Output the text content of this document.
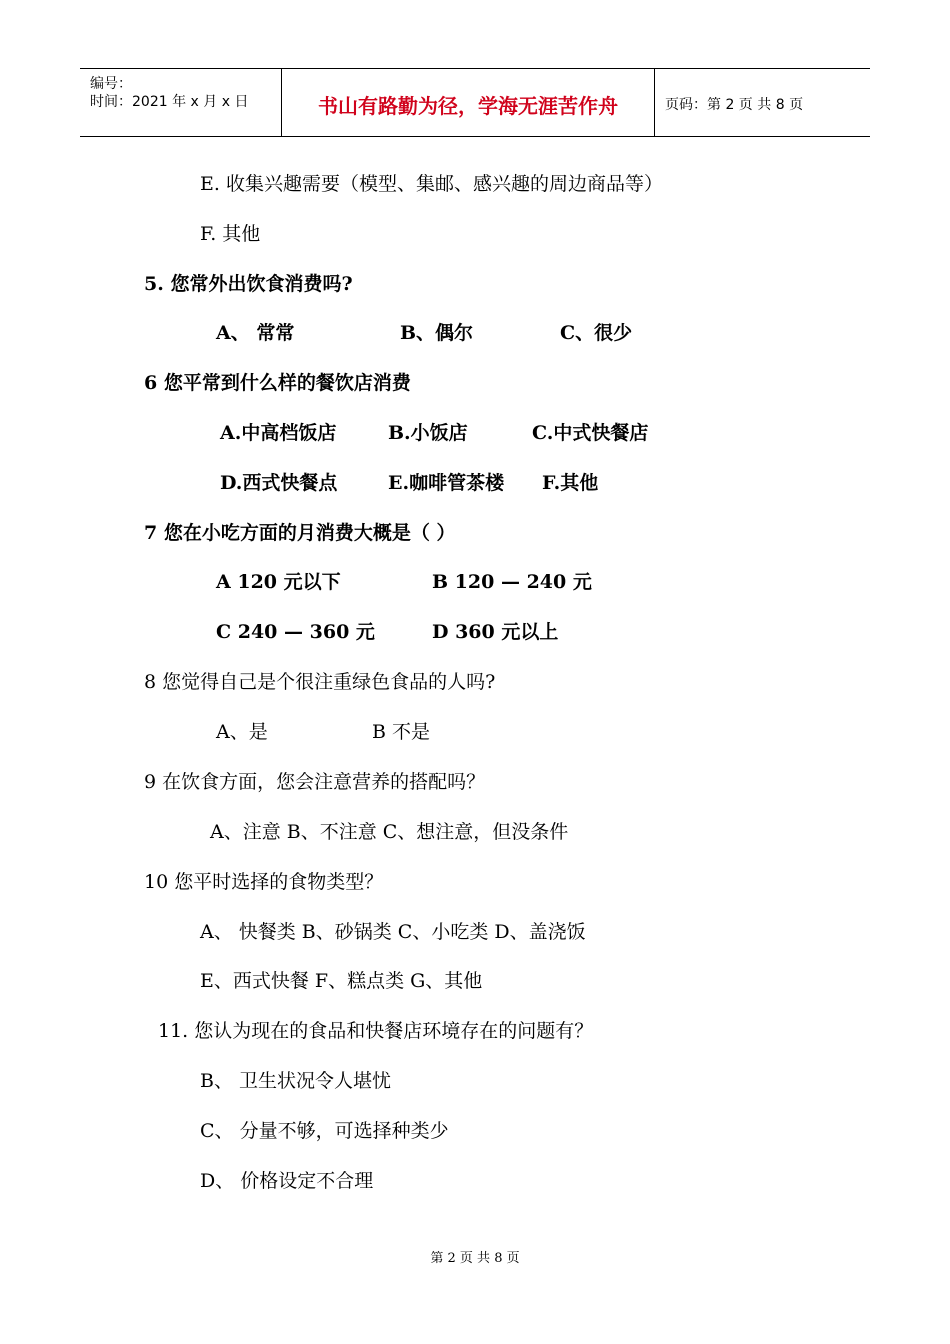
编号：
时间：2021 年 x 月 x 日	书山有路勤为径，学海无涯苦作舟	页码：第 2 页 共 8 页
E. 收集兴趣需要（模型、集邮、感兴趣的周边商品等）
F. 其他
5. 您常外出饮食消费吗?
A、 常常	B、偶尔	C、很少
6 您平常到什么样的餐饮店消费
A.中高档饭店	B.小饭店	C.中式快餐店
D.西式快餐点	E.咖啡管茶楼 F.其他
7 您在小吃方面的月消费大概是（ ）
A 120 元以下	B 120 — 240 元
C 240 — 360 元	D 360 元以上
8 您觉得自己是个很注重绿色食品的人吗?
A、是	B 不是
9 在饮食方面，您会注意营养的搭配吗？
A、注意 B、不注意 C、想注意，但没条件
10 您平时选择的食物类型？
A、 快餐类 B、砂锅类 C、小吃类 D、盖浇饭
E、西式快餐 F、糕点类 G、其他
11. 您认为现在的食品和快餐店环境存在的问题有？
B、 卫生状况令人堪忧
C、 分量不够，可选择种类少
D、 价格设定不合理
第 2 页 共 8 页
